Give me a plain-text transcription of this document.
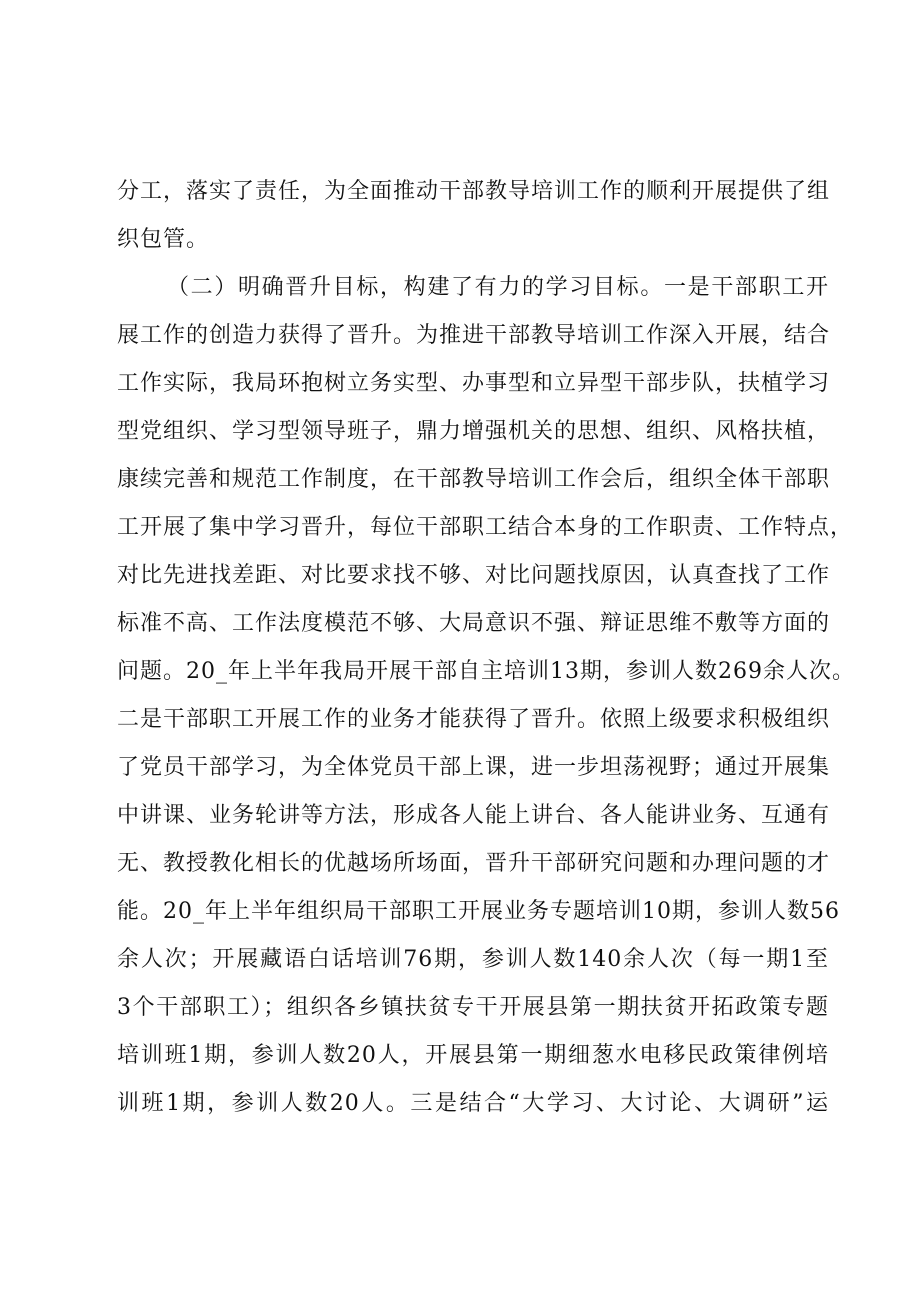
分工，落实了责任，为全面推动干部教导培训工作的顺利开展提供了组
织包管。
（二）明确晋升目标，构建了有力的学习目标。一是干部职工开
展工作的创造力获得了晋升。为推进干部教导培训工作深入开展，结合
工作实际，我局环抱树立务实型、办事型和立异型干部步队，扶植学习
型党组织、学习型领导班子，鼎力增强机关的思想、组织、风格扶植，
康续完善和规范工作制度，在干部教导培训工作会后，组织全体干部职
工开展了集中学习晋升，每位干部职工结合本身的工作职责、工作特点，
对比先进找差距、对比要求找不够、对比问题找原因，认真查找了工作
标准不高、工作法度模范不够、大局意识不强、辩证思维不敷等方面的
问题。20_年上半年我局开展干部自主培训13期，参训人数269余人次。
二是干部职工开展工作的业务才能获得了晋升。依照上级要求积极组织
了党员干部学习，为全体党员干部上课，进一步坦荡视野；通过开展集
中讲课、业务轮讲等方法，形成各人能上讲台、各人能讲业务、互通有
无、教授教化相长的优越场所场面，晋升干部研究问题和办理问题的才
能。20_年上半年组织局干部职工开展业务专题培训10期，参训人数56
余人次；开展藏语白话培训76期，参训人数140余人次（每一期1至
3个干部职工）；组织各乡镇扶贫专干开展县第一期扶贫开拓政策专题
培训班1期，参训人数20人，开展县第一期细葱水电移民政策律例培
训班1期，参训人数20人。三是结合“大学习、大讨论、大调研”运
